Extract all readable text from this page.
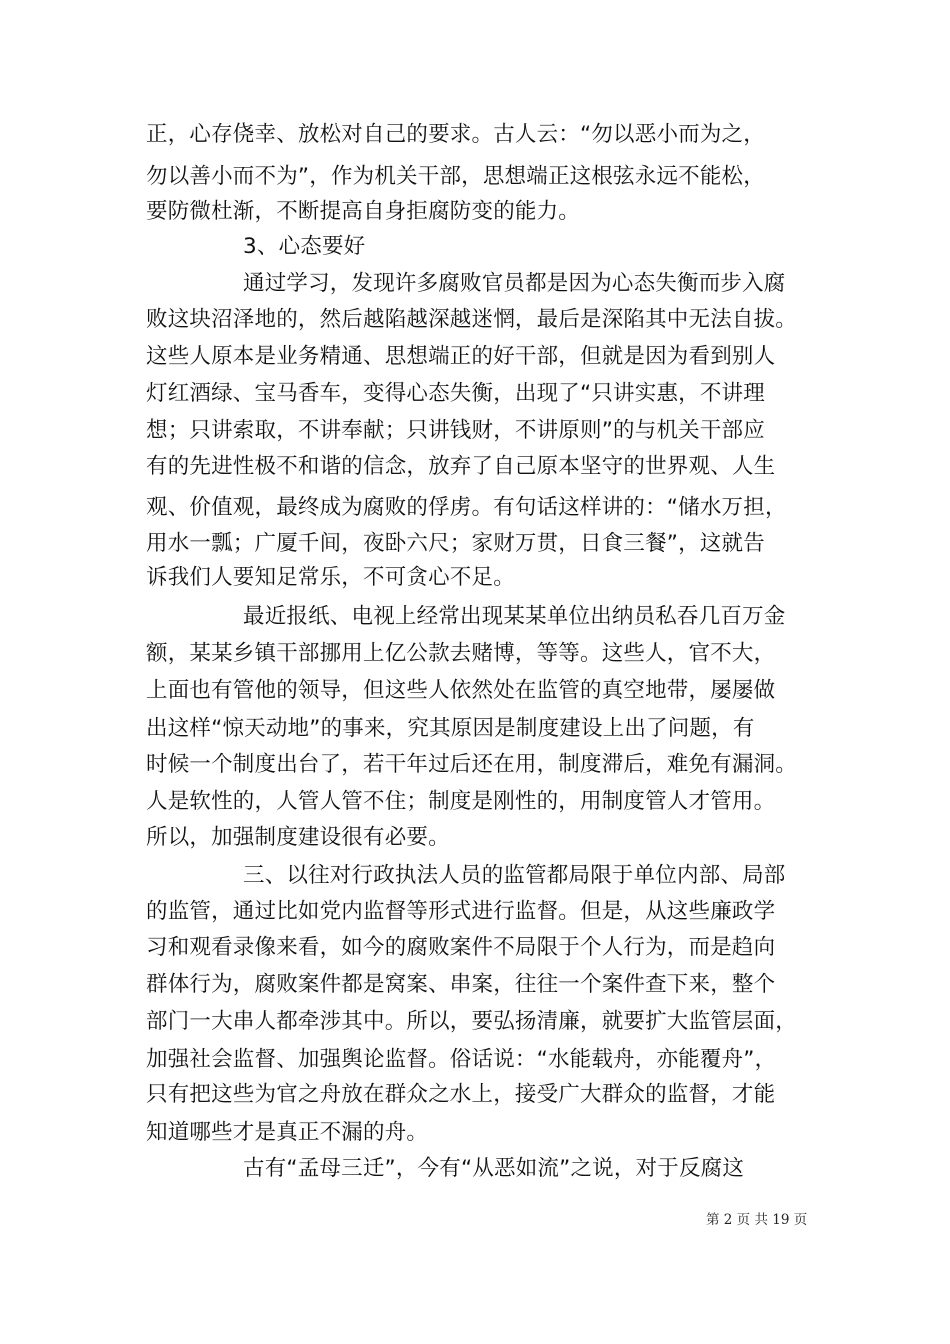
正，心存侥幸、放松对自己的要求。古人云：“勿以恶小而为之，
勿以善小而不为”，作为机关干部，思想端正这根弦永远不能松，
要防微杜渐，不断提高自身拒腐防变的能力。
3、心态要好
通过学习，发现许多腐败官员都是因为心态失衡而步入腐
败这块沼泽地的，然后越陷越深越迷惘，最后是深陷其中无法自拔。
这些人原本是业务精通、思想端正的好干部，但就是因为看到别人
灯红酒绿、宝马香车，变得心态失衡，出现了“只讲实惠，不讲理
想；只讲索取，不讲奉献；只讲钱财，不讲原则”的与机关干部应
有的先进性极不和谐的信念，放弃了自己原本坚守的世界观、人生
观、价值观，最终成为腐败的俘虏。有句话这样讲的：“储水万担，
用水一瓢；广厦千间，夜卧六尺；家财万贯，日食三餐”，这就告
诉我们人要知足常乐，不可贪心不足。
最近报纸、电视上经常出现某某单位出纳员私吞几百万金
额，某某乡镇干部挪用上亿公款去赌博，等等。这些人，官不大，
上面也有管他的领导，但这些人依然处在监管的真空地带，屡屡做
出这样“惊天动地”的事来，究其原因是制度建设上出了问题，有
时候一个制度出台了，若干年过后还在用，制度滞后，难免有漏洞。
人是软性的，人管人管不住；制度是刚性的，用制度管人才管用。
所以，加强制度建设很有必要。
三、以往对行政执法人员的监管都局限于单位内部、局部
的监管，通过比如党内监督等形式进行监督。但是，从这些廉政学
习和观看录像来看，如今的腐败案件不局限于个人行为，而是趋向
群体行为，腐败案件都是窝案、串案，往往一个案件查下来，整个
部门一大串人都牵涉其中。所以，要弘扬清廉，就要扩大监管层面，
加强社会监督、加强舆论监督。俗话说：“水能载舟，亦能覆舟”，
只有把这些为官之舟放在群众之水上，接受广大群众的监督，才能
知道哪些才是真正不漏的舟。
古有“孟母三迁”，今有“从恶如流”之说，对于反腐这
第 2 页 共 19 页
